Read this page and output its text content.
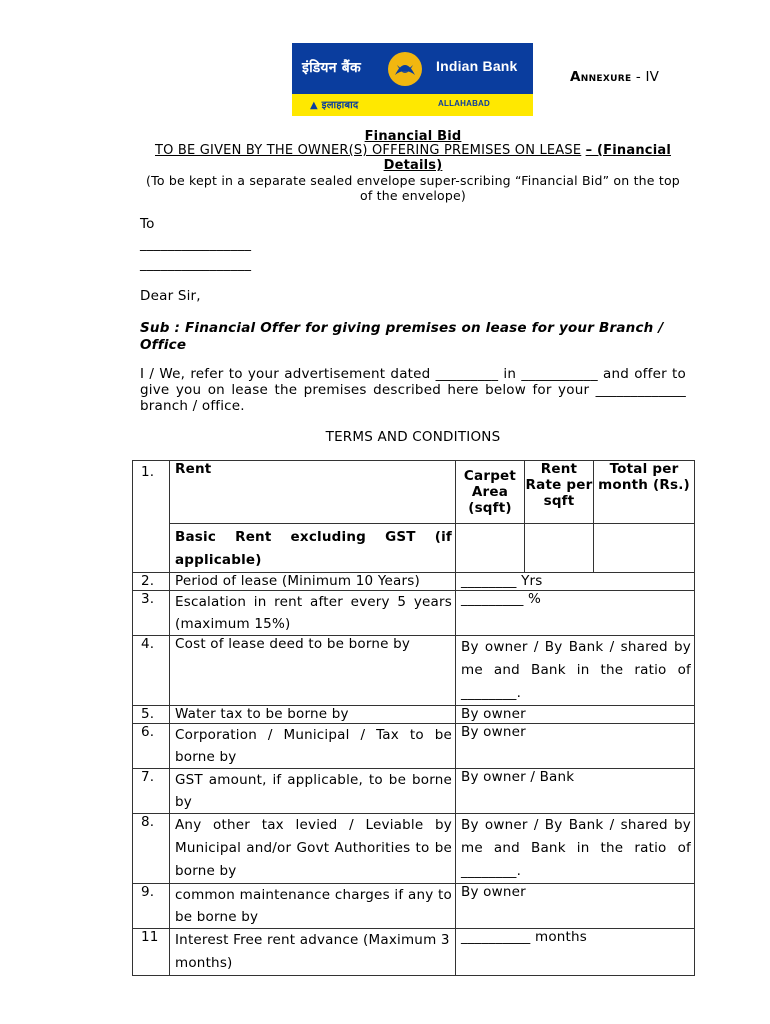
इंडियन बैंक	Indian Bank
▲ इलाहाबाद	ALLAHABAD
Annexure - IV
Financial Bid
TO BE GIVEN BY THE OWNER(S) OFFERING PREMISES ON LEASE – (Financial Details)
(To be kept in a separate sealed envelope super-scribing “Financial Bid” on the top of the envelope)
To
________________
________________
Dear Sir,
Sub : Financial Offer for giving premises on lease for your Branch / Office
I / We, refer to your advertisement dated _________ in ___________ and offer to give you on lease the premises described here below for your _____________ branch / office.
TERMS AND CONDITIONS
1.	Rent	Carpet Area (sqft)	Rent Rate per sqft	Total per month (Rs.)
	Basic Rent excluding GST (if applicable)			
2.	Period of lease (Minimum 10 Years)	________ Yrs		
3.	Escalation in rent after every 5 years (maximum 15%)	_________ %		
4.	Cost of lease deed to be borne by	By owner / By Bank / shared by me and Bank in the ratio of ________.		
5.	Water tax to be borne by	By owner		
6.	Corporation / Municipal / Tax to be borne by	By owner		
7.	GST amount, if applicable, to be borne by	By owner / Bank		
8.	Any other tax levied / Leviable by Municipal and/or Govt Authorities to be borne by	By owner / By Bank / shared by me and Bank in the ratio of ________.		
9.	common maintenance charges if any to be borne by	By owner		
11	Interest Free rent advance (Maximum 3 months)	__________ months		
